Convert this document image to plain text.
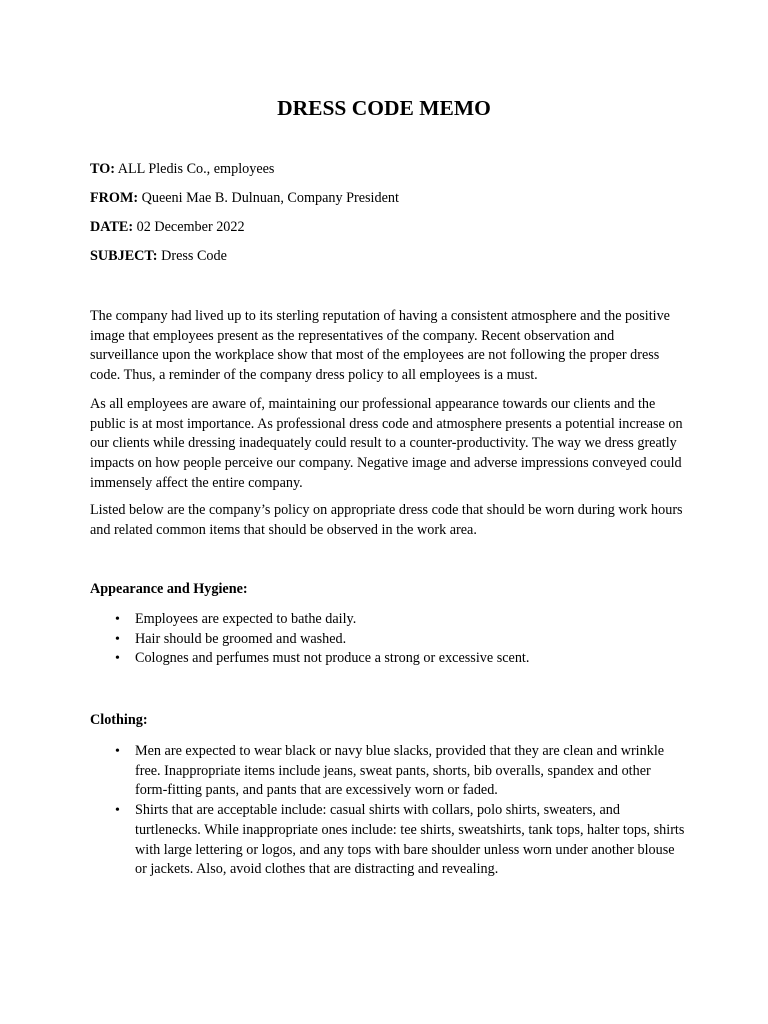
DRESS CODE MEMO
TO: ALL Pledis Co., employees
FROM: Queeni Mae B. Dulnuan, Company President
DATE: 02 December 2022
SUBJECT: Dress Code

The company had lived up to its sterling reputation of having a consistent atmosphere and the positive image that employees present as the representatives of the company. Recent observation and surveillance upon the workplace show that most of the employees are not following the proper dress code. Thus, a reminder of the company dress policy to all employees is a must.

As all employees are aware of, maintaining our professional appearance towards our clients and the public is at most importance. As professional dress code and atmosphere presents a potential increase on our clients while dressing inadequately could result to a counter-productivity. The way we dress greatly impacts on how people perceive our company. Negative image and adverse impressions conveyed could immensely affect the entire company.

Listed below are the company’s policy on appropriate dress code that should be worn during work hours and related common items that should be observed in the work area.

Appearance and Hygiene:
• Employees are expected to bathe daily.
• Hair should be groomed and washed.
• Colognes and perfumes must not produce a strong or excessive scent.
Clothing:
• Men are expected to wear black or navy blue slacks, provided that they are clean and wrinkle free. Inappropriate items include jeans, sweat pants, shorts, bib overalls, spandex and other form-fitting pants, and pants that are excessively worn or faded.
• Shirts that are acceptable include: casual shirts with collars, polo shirts, sweaters, and turtlenecks. While inappropriate ones include: tee shirts, sweatshirts, tank tops, halter tops, shirts with large lettering or logos, and any tops with bare shoulder unless worn under another blouse or jackets. Also, avoid clothes that are distracting and revealing.
